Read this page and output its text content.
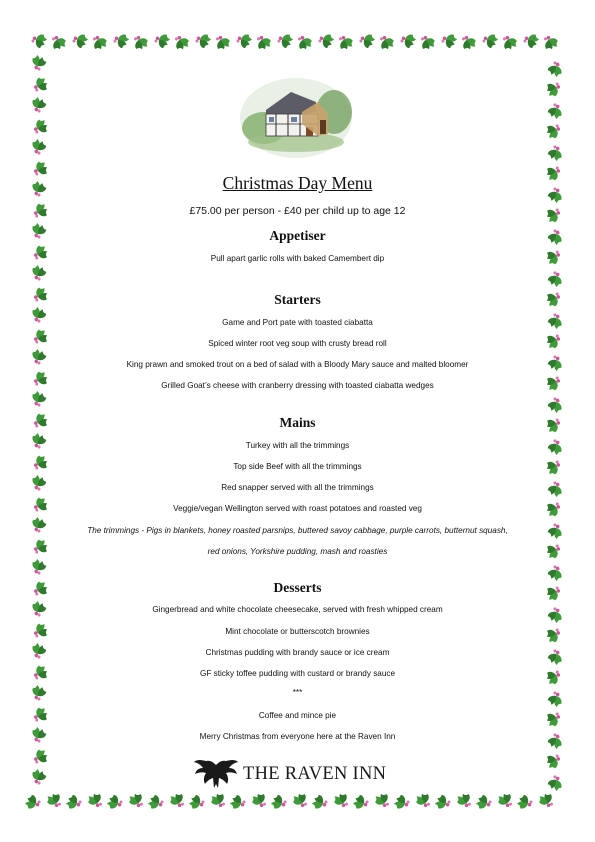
Christmas Day Menu
£75.00 per person - £40 per child up to age 12
Appetiser
Pull apart garlic rolls with baked Camembert dip
Starters
Game and Port pate with toasted ciabatta
Spiced winter root veg soup with crusty bread roll
King prawn and smoked trout on a bed of salad with a Bloody Mary sauce and malted bloomer
Grilled Goat’s cheese with cranberry dressing with toasted ciabatta wedges
Mains
Turkey with all the trimmings
Top side Beef with all the trimmings
Red snapper served with all the trimmings
Veggie/vegan Wellington served with roast potatoes and roasted veg
The trimmings - Pigs in blankets, honey roasted parsnips, buttered savoy cabbage, purple carrots, butternut squash,
red onions, Yorkshire pudding, mash and roasties
Desserts
Gingerbread and white chocolate cheesecake, served with fresh whipped cream
Mint chocolate or butterscotch brownies
Christmas pudding with brandy sauce or ice cream
GF sticky toffee pudding with custard or brandy sauce
***
Coffee and mince pie
Merry Christmas from everyone here at the Raven Inn
THE RAVEN INN
